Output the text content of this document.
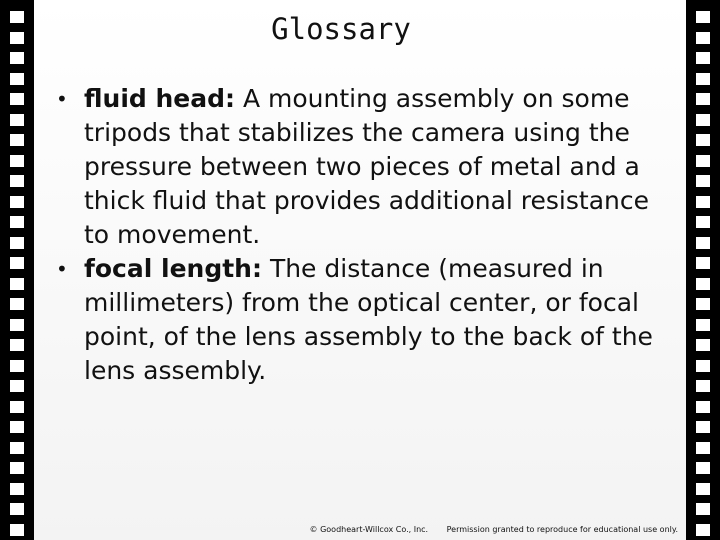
Glossary
• fluid head: A mounting assembly on some tripods that stabilizes the camera using the pressure between two pieces of metal and a thick fluid that provides additional resistance to movement.
• focal length: The distance (measured in millimeters) from the optical center, or focal point, of the lens assembly to the back of the lens assembly.
© Goodheart-Willcox Co., Inc. Permission granted to reproduce for educational use only.
